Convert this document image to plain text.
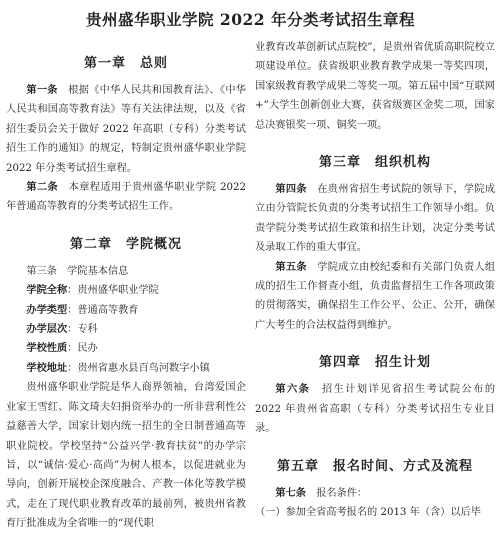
贵州盛华职业学院 2022 年分类考试招生章程
第一章　总则

第一条　 根据《中华人民共和国教育法》、《中华人民共和国高等教育法》等有关法律法规，以及《省招生委员会关于做好 2022 年高职（专科）分类考试招生工作的通知》的规定，特制定贵州盛华职业学院 2022 年分类考试招生章程。

第二条　 本章程适用于贵州盛华职业学院 2022 年普通高等教育的分类考试招生工作。

第二章　学院概况

第三条　 学院基本信息

学院全称：贵州盛华职业学院

办学类型：普通高等教育

办学层次：专科

学校性质：民办

学校地址：贵州省惠水县百鸟河数字小镇

贵州盛华职业学院是华人商界领袖，台湾爱国企业家王雪红、陈文琦夫妇捐资举办的一所非营利性公益慈善大学，国家计划内统一招生的全日制普通高等职业院校。学校坚持“公益兴学·教育扶贫”的办学宗旨，以“诚信·爱心·高尚”为树人根本，以促进就业为导向，创新开展校企深度融合、产教一体化等教学模式，走在了现代职业教育改革的最前列，被贵州省教育厅批准成为全省唯一的“现代职

业教育改革创新试点院校”，是贵州省优质高职院校立项建设单位。获省级职业教育教学成果一等奖四项，国家级教育教学成果二等奖一项。第五届中国“互联网 +”大学生创新创业大赛，获省级赛区金奖二项，国家总决赛银奖一项、铜奖一项。

第三章　组织机构

第四条　 在贵州省招生考试院的领导下，学院成立由分管院长负责的分类考试招生工作领导小组。负责学院分类考试招生政策和招生计划，决定分类考试及录取工作的重大事宜。

第五条　 学院成立由校纪委和有关部门负责人组成的招生工作督查小组，负责监督招生工作各项政策的贯彻落实，确保招生工作公平、公正、公开，确保广大考生的合法权益得到维护。

第四章　招生计划

第六条　 招生计划详见省招生考试院公布的 2022 年贵州省高职（专科）分类考试招生专业目录。

第五章　报名时间、方式及流程

第七条　 报名条件：

（一）参加全省高考报名的 2013 年（含）以后毕
